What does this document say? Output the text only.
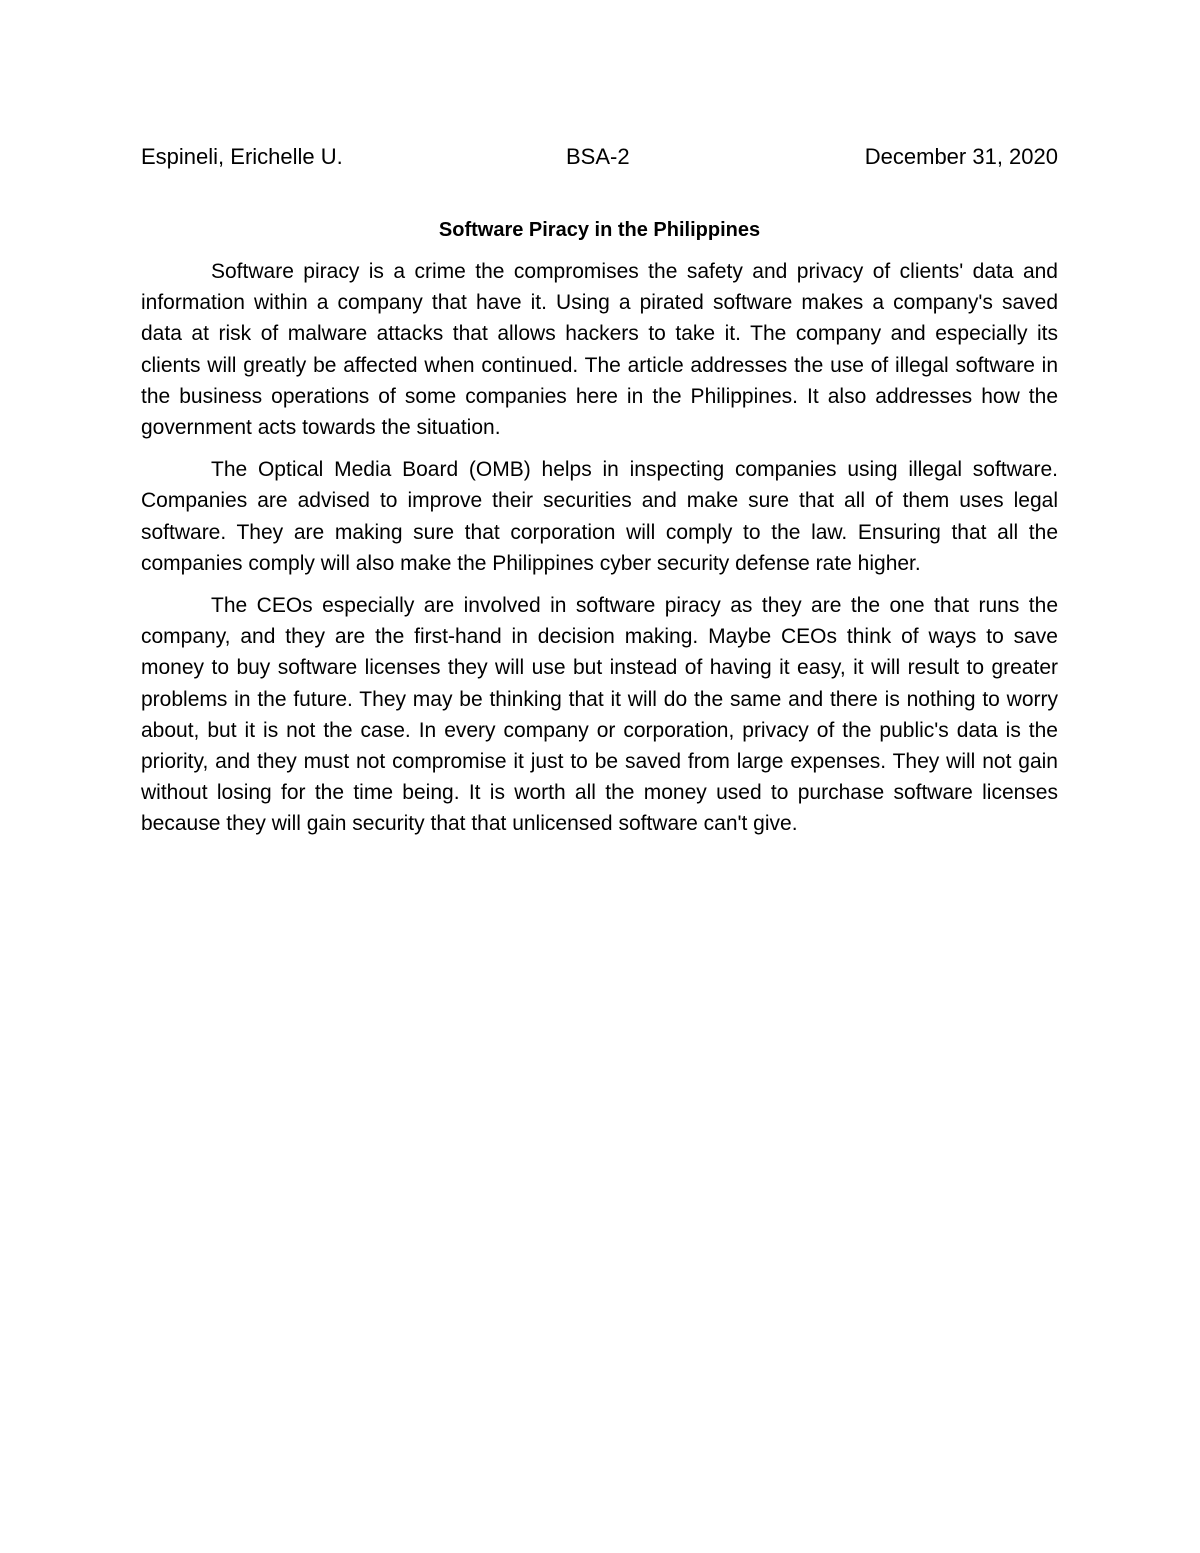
Espineli, Erichelle U.	BSA-2	December 31, 2020
Software Piracy in the Philippines

Software piracy is a crime the compromises the safety and privacy of clients' data and information within a company that have it. Using a pirated software makes a company's saved data at risk of malware attacks that allows hackers to take it. The company and especially its clients will greatly be affected when continued. The article addresses the use of illegal software in the business operations of some companies here in the Philippines. It also addresses how the government acts towards the situation.

The Optical Media Board (OMB) helps in inspecting companies using illegal software. Companies are advised to improve their securities and make sure that all of them uses legal software. They are making sure that corporation will comply to the law. Ensuring that all the companies comply will also make the Philippines cyber security defense rate higher.

The CEOs especially are involved in software piracy as they are the one that runs the company, and they are the first-hand in decision making. Maybe CEOs think of ways to save money to buy software licenses they will use but instead of having it easy, it will result to greater problems in the future. They may be thinking that it will do the same and there is nothing to worry about, but it is not the case. In every company or corporation, privacy of the public's data is the priority, and they must not compromise it just to be saved from large expenses. They will not gain without losing for the time being. It is worth all the money used to purchase software licenses because they will gain security that that unlicensed software can't give.
